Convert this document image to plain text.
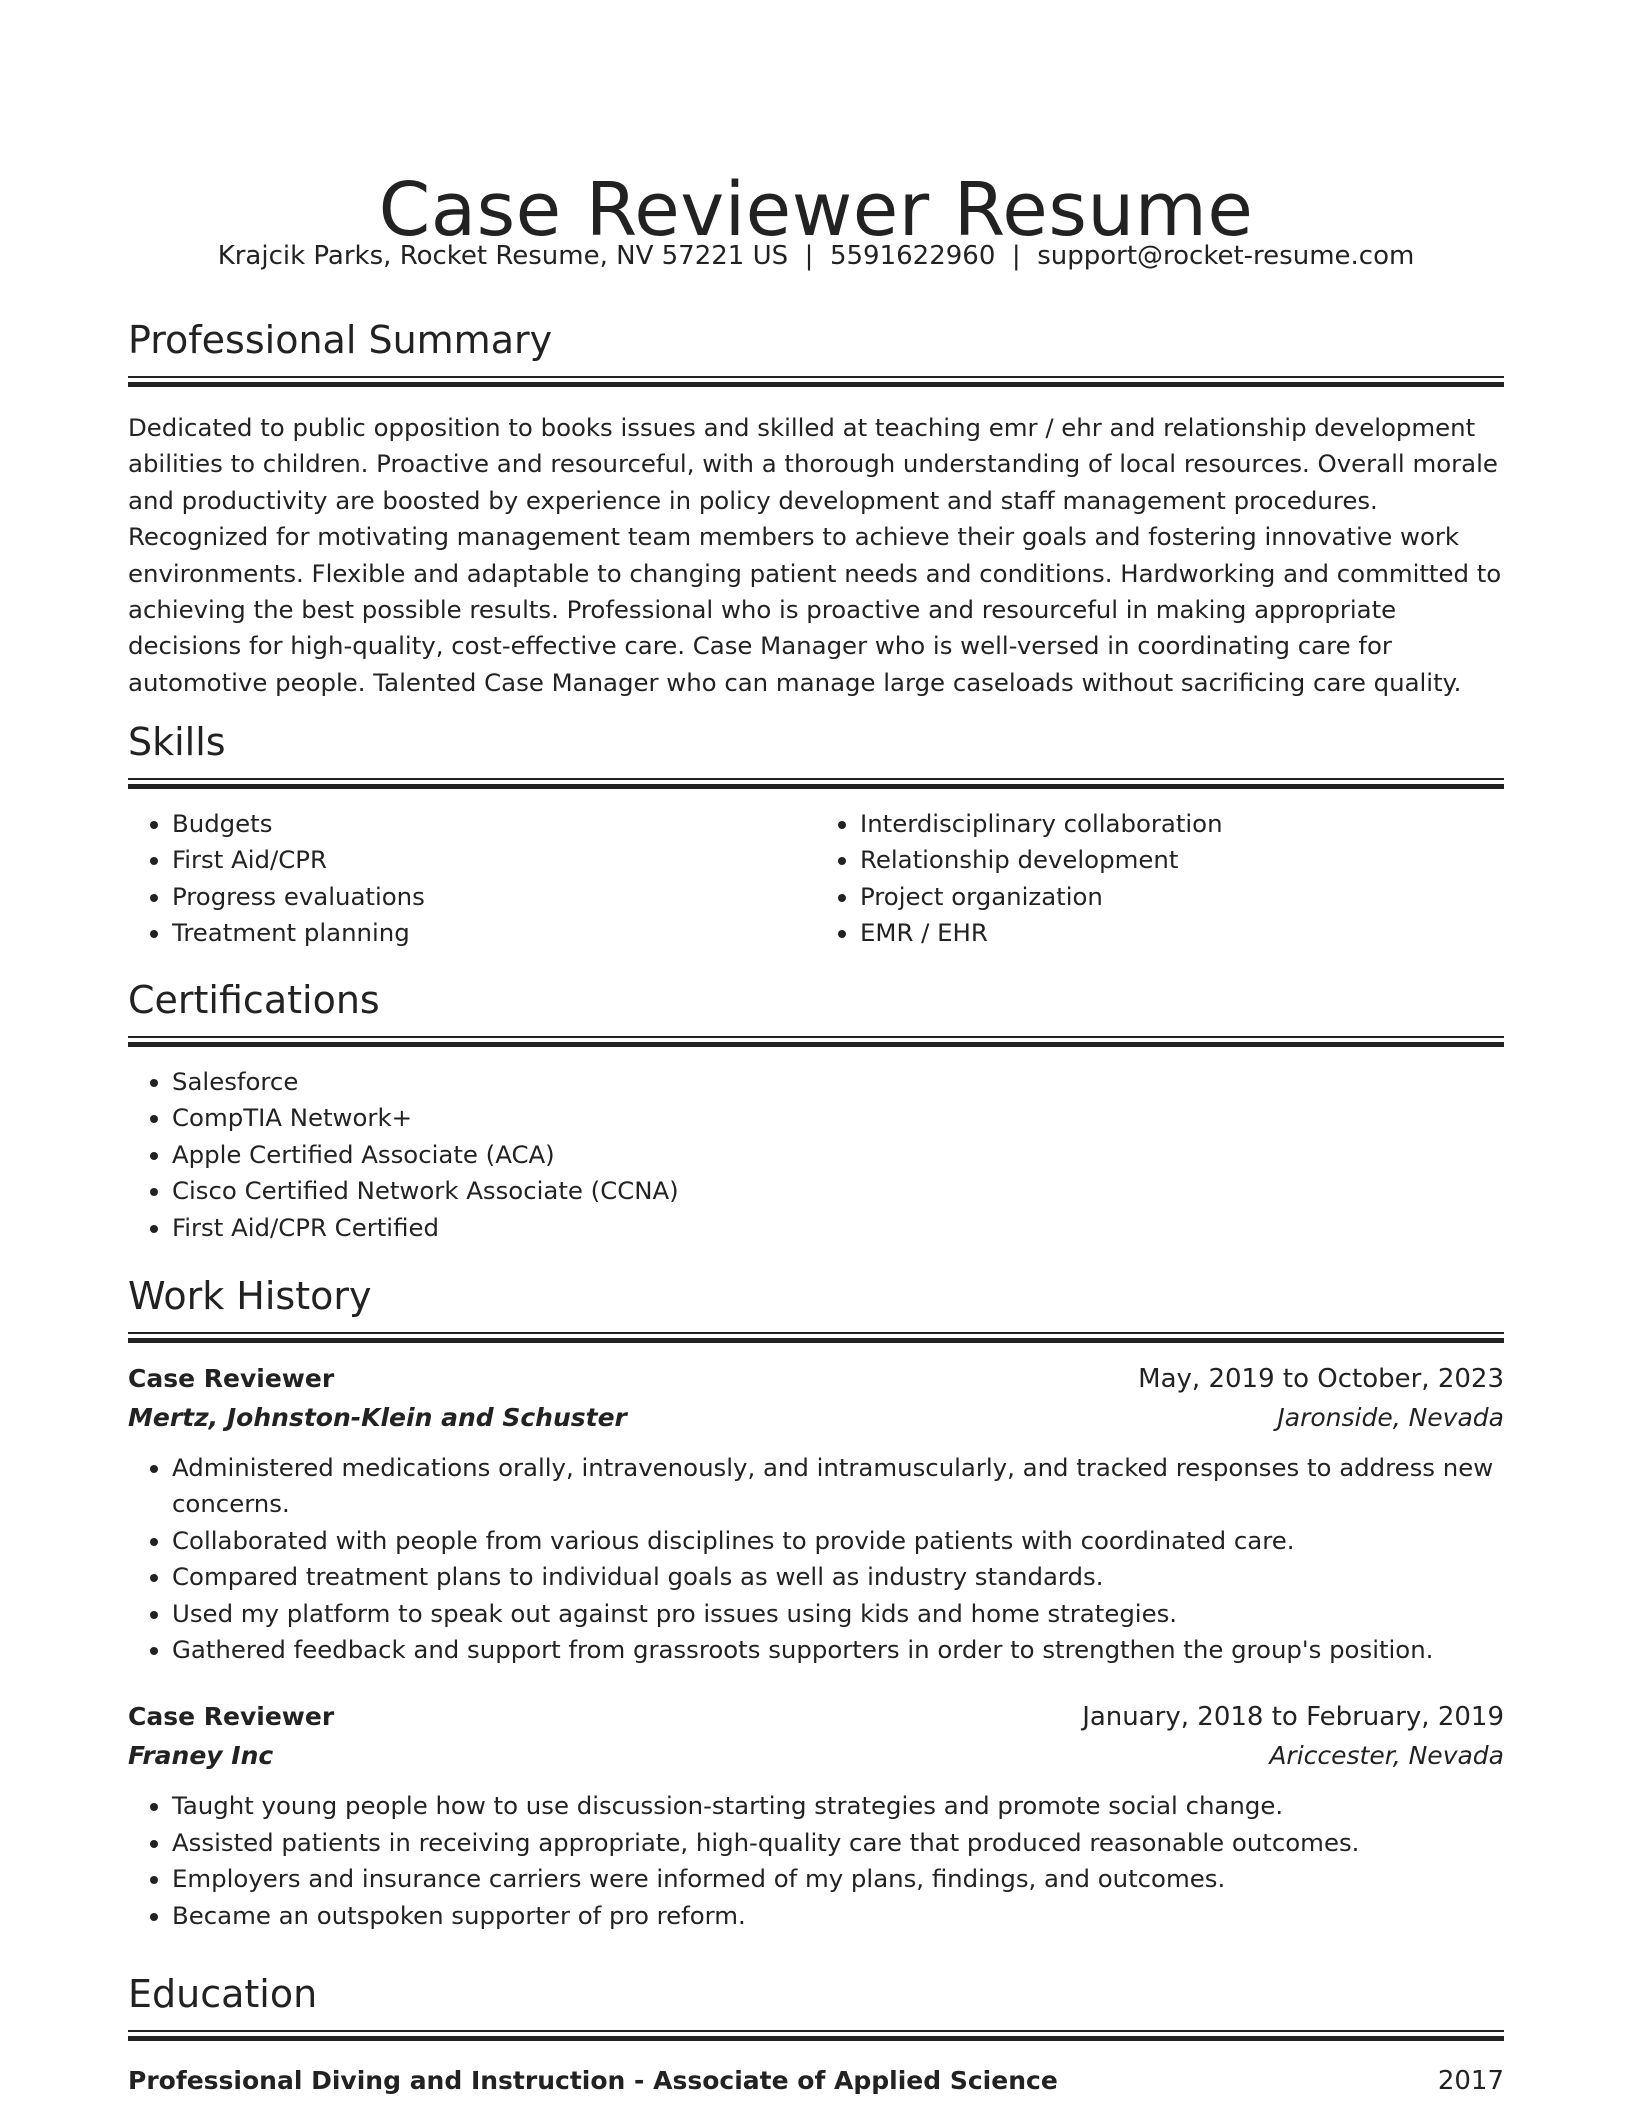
Case Reviewer Resume
Krajcik Parks, Rocket Resume, NV 57221 US  |  5591622960  |  support@rocket-resume.com
Professional Summary

Dedicated to public opposition to books issues and skilled at teaching emr / ehr and relationship development abilities to children. Proactive and resourceful, with a thorough understanding of local resources. Overall morale and productivity are boosted by experience in policy development and staff management procedures. Recognized for motivating management team members to achieve their goals and fostering innovative work environments. Flexible and adaptable to changing patient needs and conditions. Hardworking and committed to achieving the best possible results. Professional who is proactive and resourceful in making appropriate decisions for high-quality, cost-effective care. Case Manager who is well-versed in coordinating care for automotive people. Talented Case Manager who can manage large caseloads without sacrificing care quality.

Skills
• Budgets
• First Aid/CPR
• Progress evaluations
• Treatment planning
• Interdisciplinary collaboration
• Relationship development
• Project organization
• EMR / EHR
Certifications
• Salesforce
• CompTIA Network+
• Apple Certified Associate (ACA)
• Cisco Certified Network Associate (CCNA)
• First Aid/CPR Certified
Work History
Case Reviewer	May, 2019 to October, 2023
Mertz, Johnston-Klein and Schuster	Jaronside, Nevada
• Administered medications orally, intravenously, and intramuscularly, and tracked responses to address new concerns.
• Collaborated with people from various disciplines to provide patients with coordinated care.
• Compared treatment plans to individual goals as well as industry standards.
• Used my platform to speak out against pro issues using kids and home strategies.
• Gathered feedback and support from grassroots supporters in order to strengthen the group's position.
Case Reviewer	January, 2018 to February, 2019
Franey Inc	Ariccester, Nevada
• Taught young people how to use discussion-starting strategies and promote social change.
• Assisted patients in receiving appropriate, high-quality care that produced reasonable outcomes.
• Employers and insurance carriers were informed of my plans, findings, and outcomes.
• Became an outspoken supporter of pro reform.
Education
Professional Diving and Instruction - Associate of Applied Science	2017
